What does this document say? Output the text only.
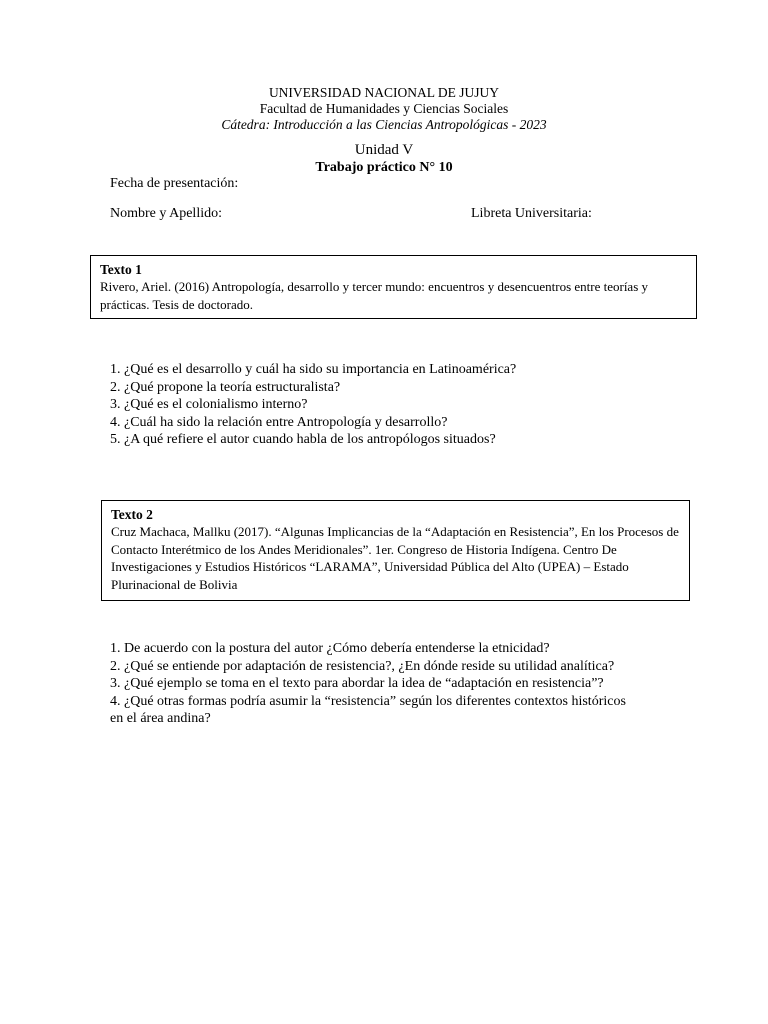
UNIVERSIDAD NACIONAL DE JUJUY
Facultad de Humanidades y Ciencias Sociales
Cátedra: Introducción a las Ciencias Antropológicas - 2023
Unidad V
Trabajo práctico N° 10
Fecha de presentación:
Nombre y Apellido:	Libreta Universitaria:
Texto 1
Rivero, Ariel. (2016) Antropología, desarrollo y tercer mundo: encuentros y desencuentros entre teorías y prácticas. Tesis de doctorado.
1. ¿Qué es el desarrollo y cuál ha sido su importancia en Latinoamérica?
2. ¿Qué propone la teoría estructuralista?
3. ¿Qué es el colonialismo interno?
4. ¿Cuál ha sido la relación entre Antropología y desarrollo?
5. ¿A qué refiere el autor cuando habla de los antropólogos situados?
Texto 2
Cruz Machaca, Mallku (2017). “Algunas Implicancias de la “Adaptación en Resistencia”, En los Procesos de Contacto Interétmico de los Andes Meridionales”. 1er. Congreso de Historia Indígena. Centro De Investigaciones y Estudios Históricos “LARAMA”, Universidad Pública del Alto (UPEA) – Estado Plurinacional de Bolivia
1. De acuerdo con la postura del autor ¿Cómo debería entenderse la etnicidad?
2. ¿Qué se entiende por adaptación de resistencia?, ¿En dónde reside su utilidad analítica?
3. ¿Qué ejemplo se toma en el texto para abordar la idea de “adaptación en resistencia”?
4. ¿Qué otras formas podría asumir la “resistencia” según los diferentes contextos históricos en el área andina?
